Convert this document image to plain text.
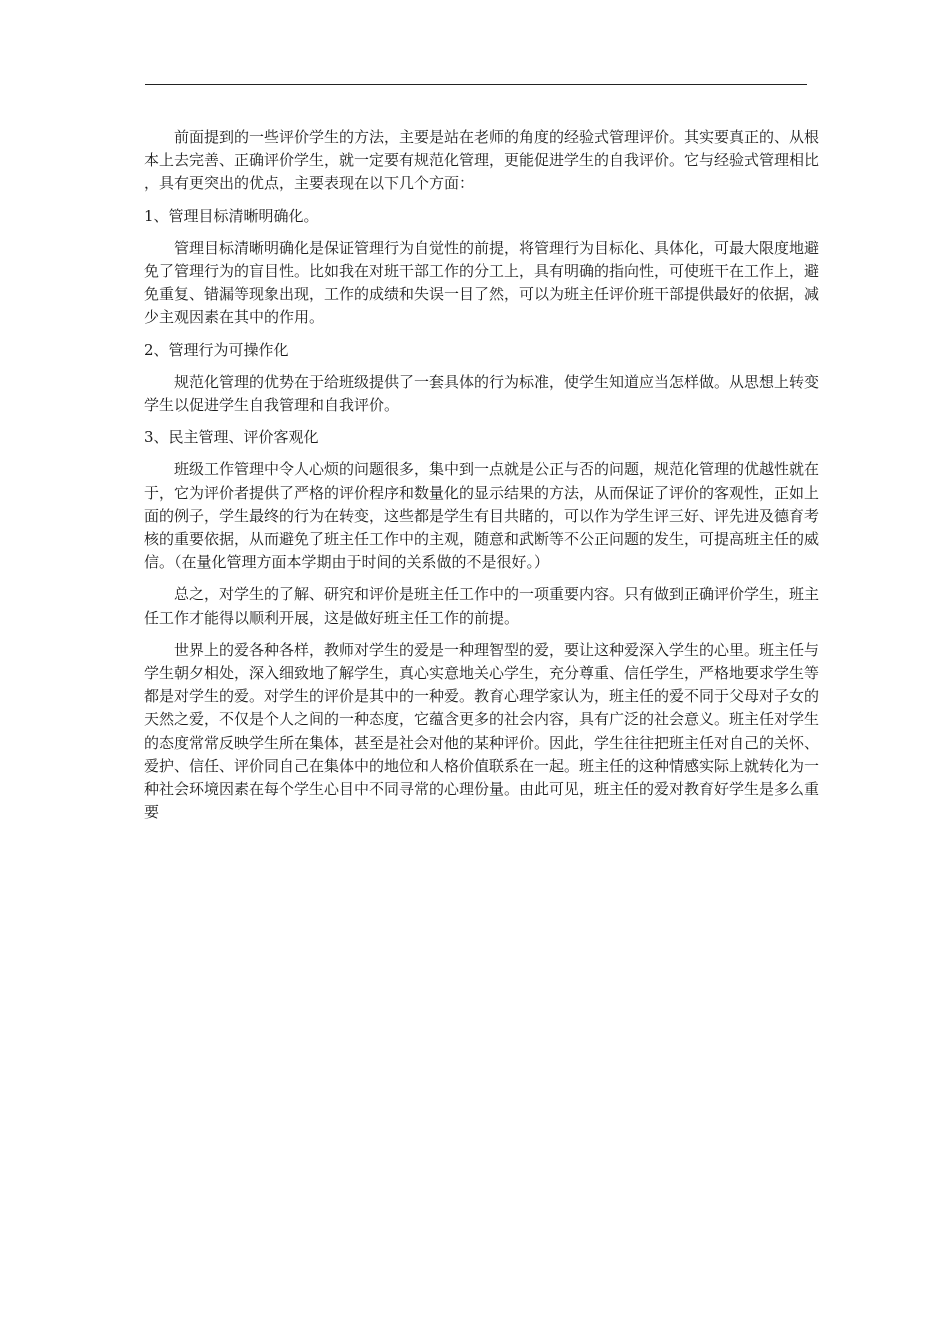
前面提到的一些评价学生的方法，主要是站在老师的角度的经验式管理评价。其实要真正的、从根本上去完善、正确评价学生，就一定要有规范化管理，更能促进学生的自我评价。它与经验式管理相比，具有更突出的优点，主要表现在以下几个方面：

1、管理目标清晰明确化。

管理目标清晰明确化是保证管理行为自觉性的前提，将管理行为目标化、具体化，可最大限度地避免了管理行为的盲目性。比如我在对班干部工作的分工上，具有明确的指向性，可使班干在工作上，避免重复、错漏等现象出现，工作的成绩和失误一目了然，可以为班主任评价班干部提供最好的依据，减少主观因素在其中的作用。

2、管理行为可操作化

规范化管理的优势在于给班级提供了一套具体的行为标准，使学生知道应当怎样做。从思想上转变学生以促进学生自我管理和自我评价。

3、民主管理、评价客观化

班级工作管理中令人心烦的问题很多，集中到一点就是公正与否的问题，规范化管理的优越性就在于，它为评价者提供了严格的评价程序和数量化的显示结果的方法，从而保证了评价的客观性，正如上面的例子，学生最终的行为在转变，这些都是学生有目共睹的，可以作为学生评三好、评先进及德育考核的重要依据，从而避免了班主任工作中的主观，随意和武断等不公正问题的发生，可提高班主任的威信。（在量化管理方面本学期由于时间的关系做的不是很好。）

总之，对学生的了解、研究和评价是班主任工作中的一项重要内容。只有做到正确评价学生，班主任工作才能得以顺利开展，这是做好班主任工作的前提。

世界上的爱各种各样，教师对学生的爱是一种理智型的爱，要让这种爱深入学生的心里。班主任与学生朝夕相处，深入细致地了解学生，真心实意地关心学生，充分尊重、信任学生，严格地要求学生等都是对学生的爱。对学生的评价是其中的一种爱。教育心理学家认为，班主任的爱不同于父母对子女的天然之爱，不仅是个人之间的一种态度，它蕴含更多的社会内容，具有广泛的社会意义。班主任对学生的态度常常反映学生所在集体，甚至是社会对他的某种评价。因此，学生往往把班主任对自己的关怀、爱护、信任、评价同自己在集体中的地位和人格价值联系在一起。班主任的这种情感实际上就转化为一种社会环境因素在每个学生心目中不同寻常的心理份量。由此可见，班主任的爱对教育好学生是多么重要
